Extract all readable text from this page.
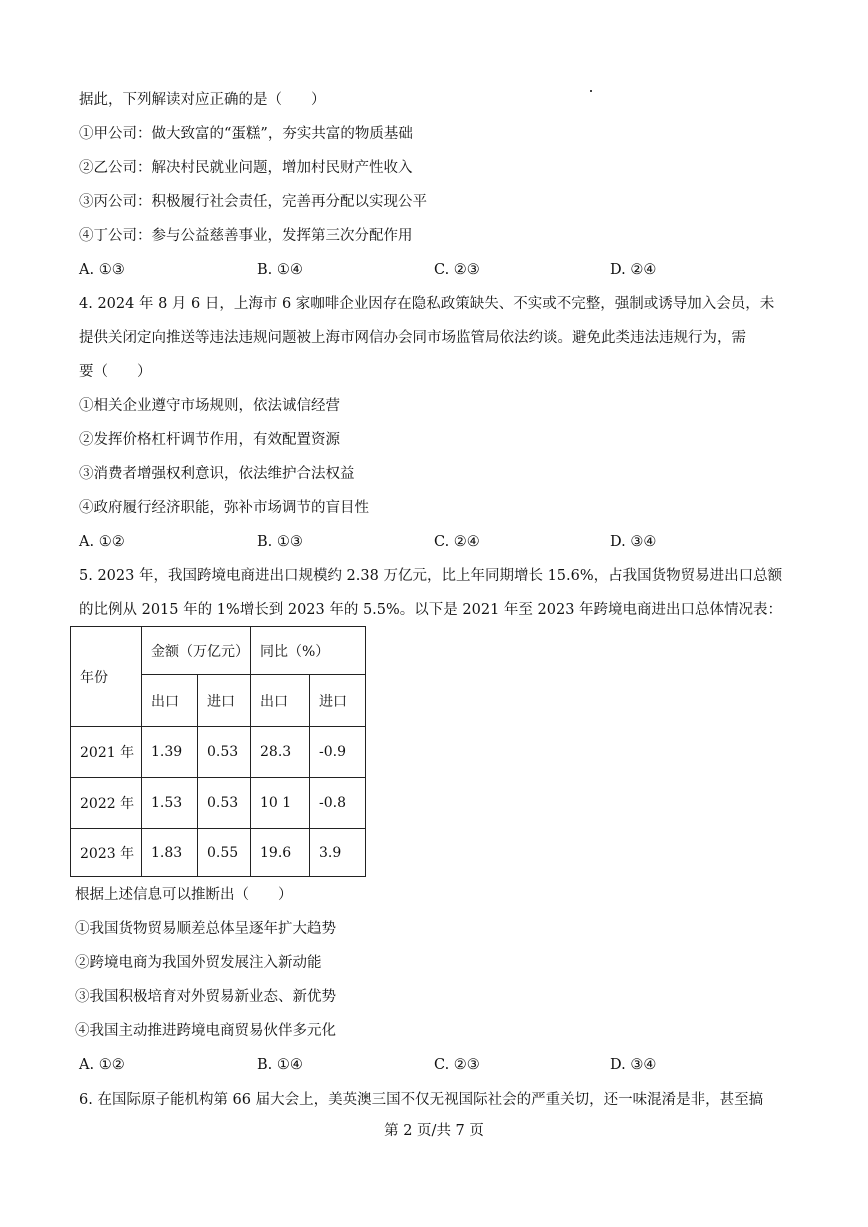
据此，下列解读对应正确的是（　　）
①甲公司：做大致富的“蛋糕”，夯实共富的物质基础
②乙公司：解决村民就业问题，增加村民财产性收入
③丙公司：积极履行社会责任，完善再分配以实现公平
④丁公司：参与公益慈善事业，发挥第三次分配作用
A. ①③	B. ①④	C. ②③	D. ②④
4. 2024 年 8 月 6 日，上海市 6 家咖啡企业因存在隐私政策缺失、不实或不完整，强制或诱导加入会员，未
提供关闭定向推送等违法违规问题被上海市网信办会同市场监管局依法约谈。避免此类违法违规行为，需
要（　　）
①相关企业遵守市场规则，依法诚信经营
②发挥价格杠杆调节作用，有效配置资源
③消费者增强权利意识，依法维护合法权益
④政府履行经济职能，弥补市场调节的盲目性
A. ①②	B. ①③	C. ②④	D. ③④
5. 2023 年，我国跨境电商进出口规模约 2.38 万亿元，比上年同期增长 15.6%，占我国货物贸易进出口总额
的比例从 2015 年的 1%增长到 2023 年的 5.5%。以下是 2021 年至 2023 年跨境电商进出口总体情况表：
年份	金额（万亿元）		同比（%）	
	出口	进口	出口	进口
2021 年	1.39	0.53	28.3	-0.9
2022 年	1.53	0.53	10 1	-0.8
2023 年	1.83	0.55	19.6	3.9
根据上述信息可以推断出（　　）
①我国货物贸易顺差总体呈逐年扩大趋势
②跨境电商为我国外贸发展注入新动能
③我国积极培育对外贸易新业态、新优势
④我国主动推进跨境电商贸易伙伴多元化
A. ①②	B. ①④	C. ②③	D. ③④
6. 在国际原子能机构第 66 届大会上，美英澳三国不仅无视国际社会的严重关切，还一味混淆是非，甚至搞
第 2 页/共 7 页
